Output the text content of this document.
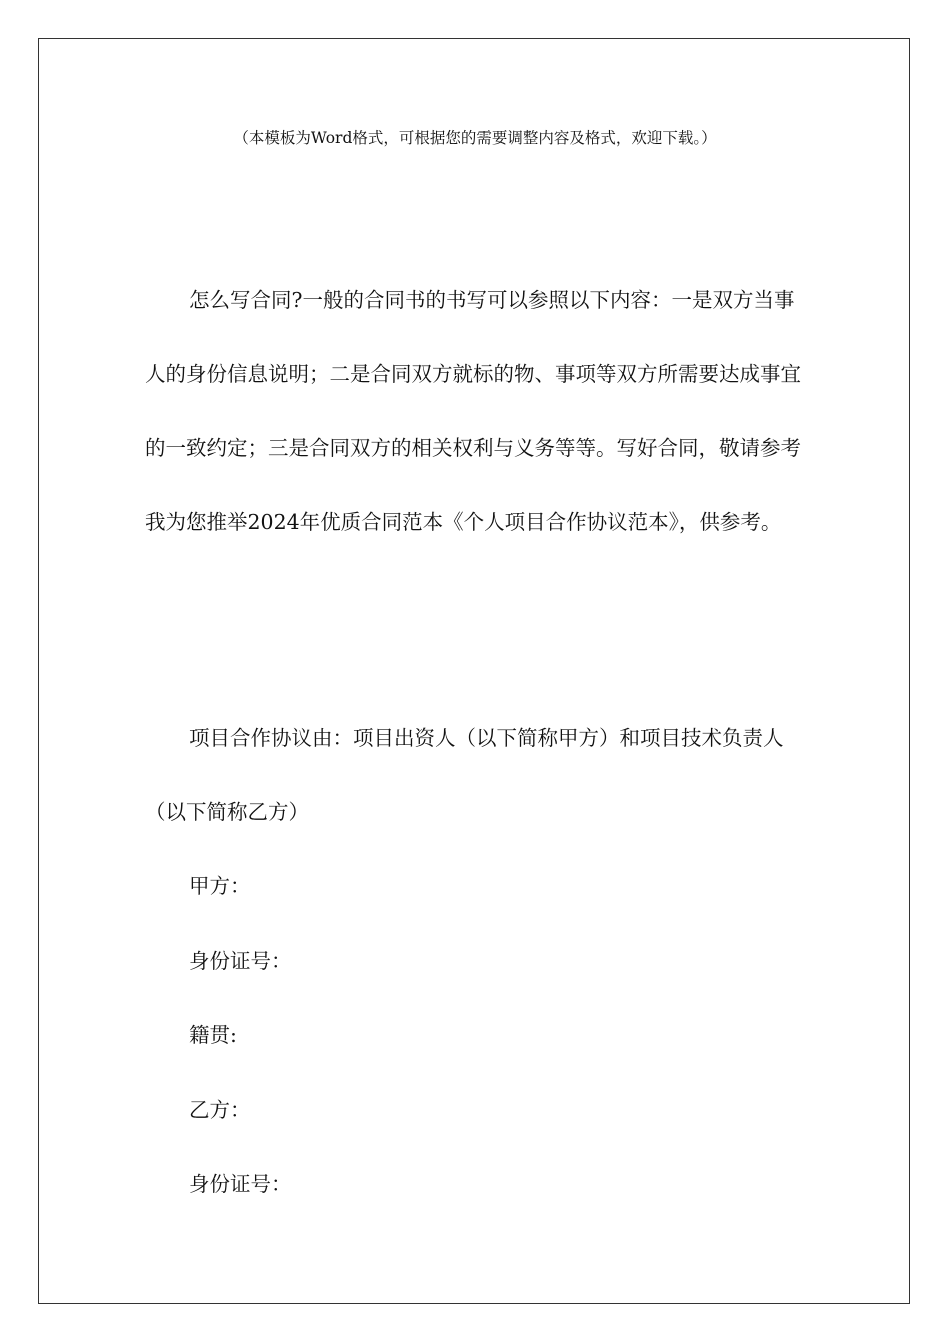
（本模板为Word格式，可根据您的需要调整内容及格式，欢迎下载。）

怎么写合同?一般的合同书的书写可以参照以下内容：一是双方当事人的身份信息说明；二是合同双方就标的物、事项等双方所需要达成事宜的一致约定；三是合同双方的相关权利与义务等等。写好合同，敬请参考我为您推举2024年优质合同范本《个人项目合作协议范本》，供参考。

项目合作协议由：项目出资人（以下简称甲方）和项目技术负责人（以下简称乙方）

甲方：
身份证号：
籍贯:
乙方：
身份证号：
